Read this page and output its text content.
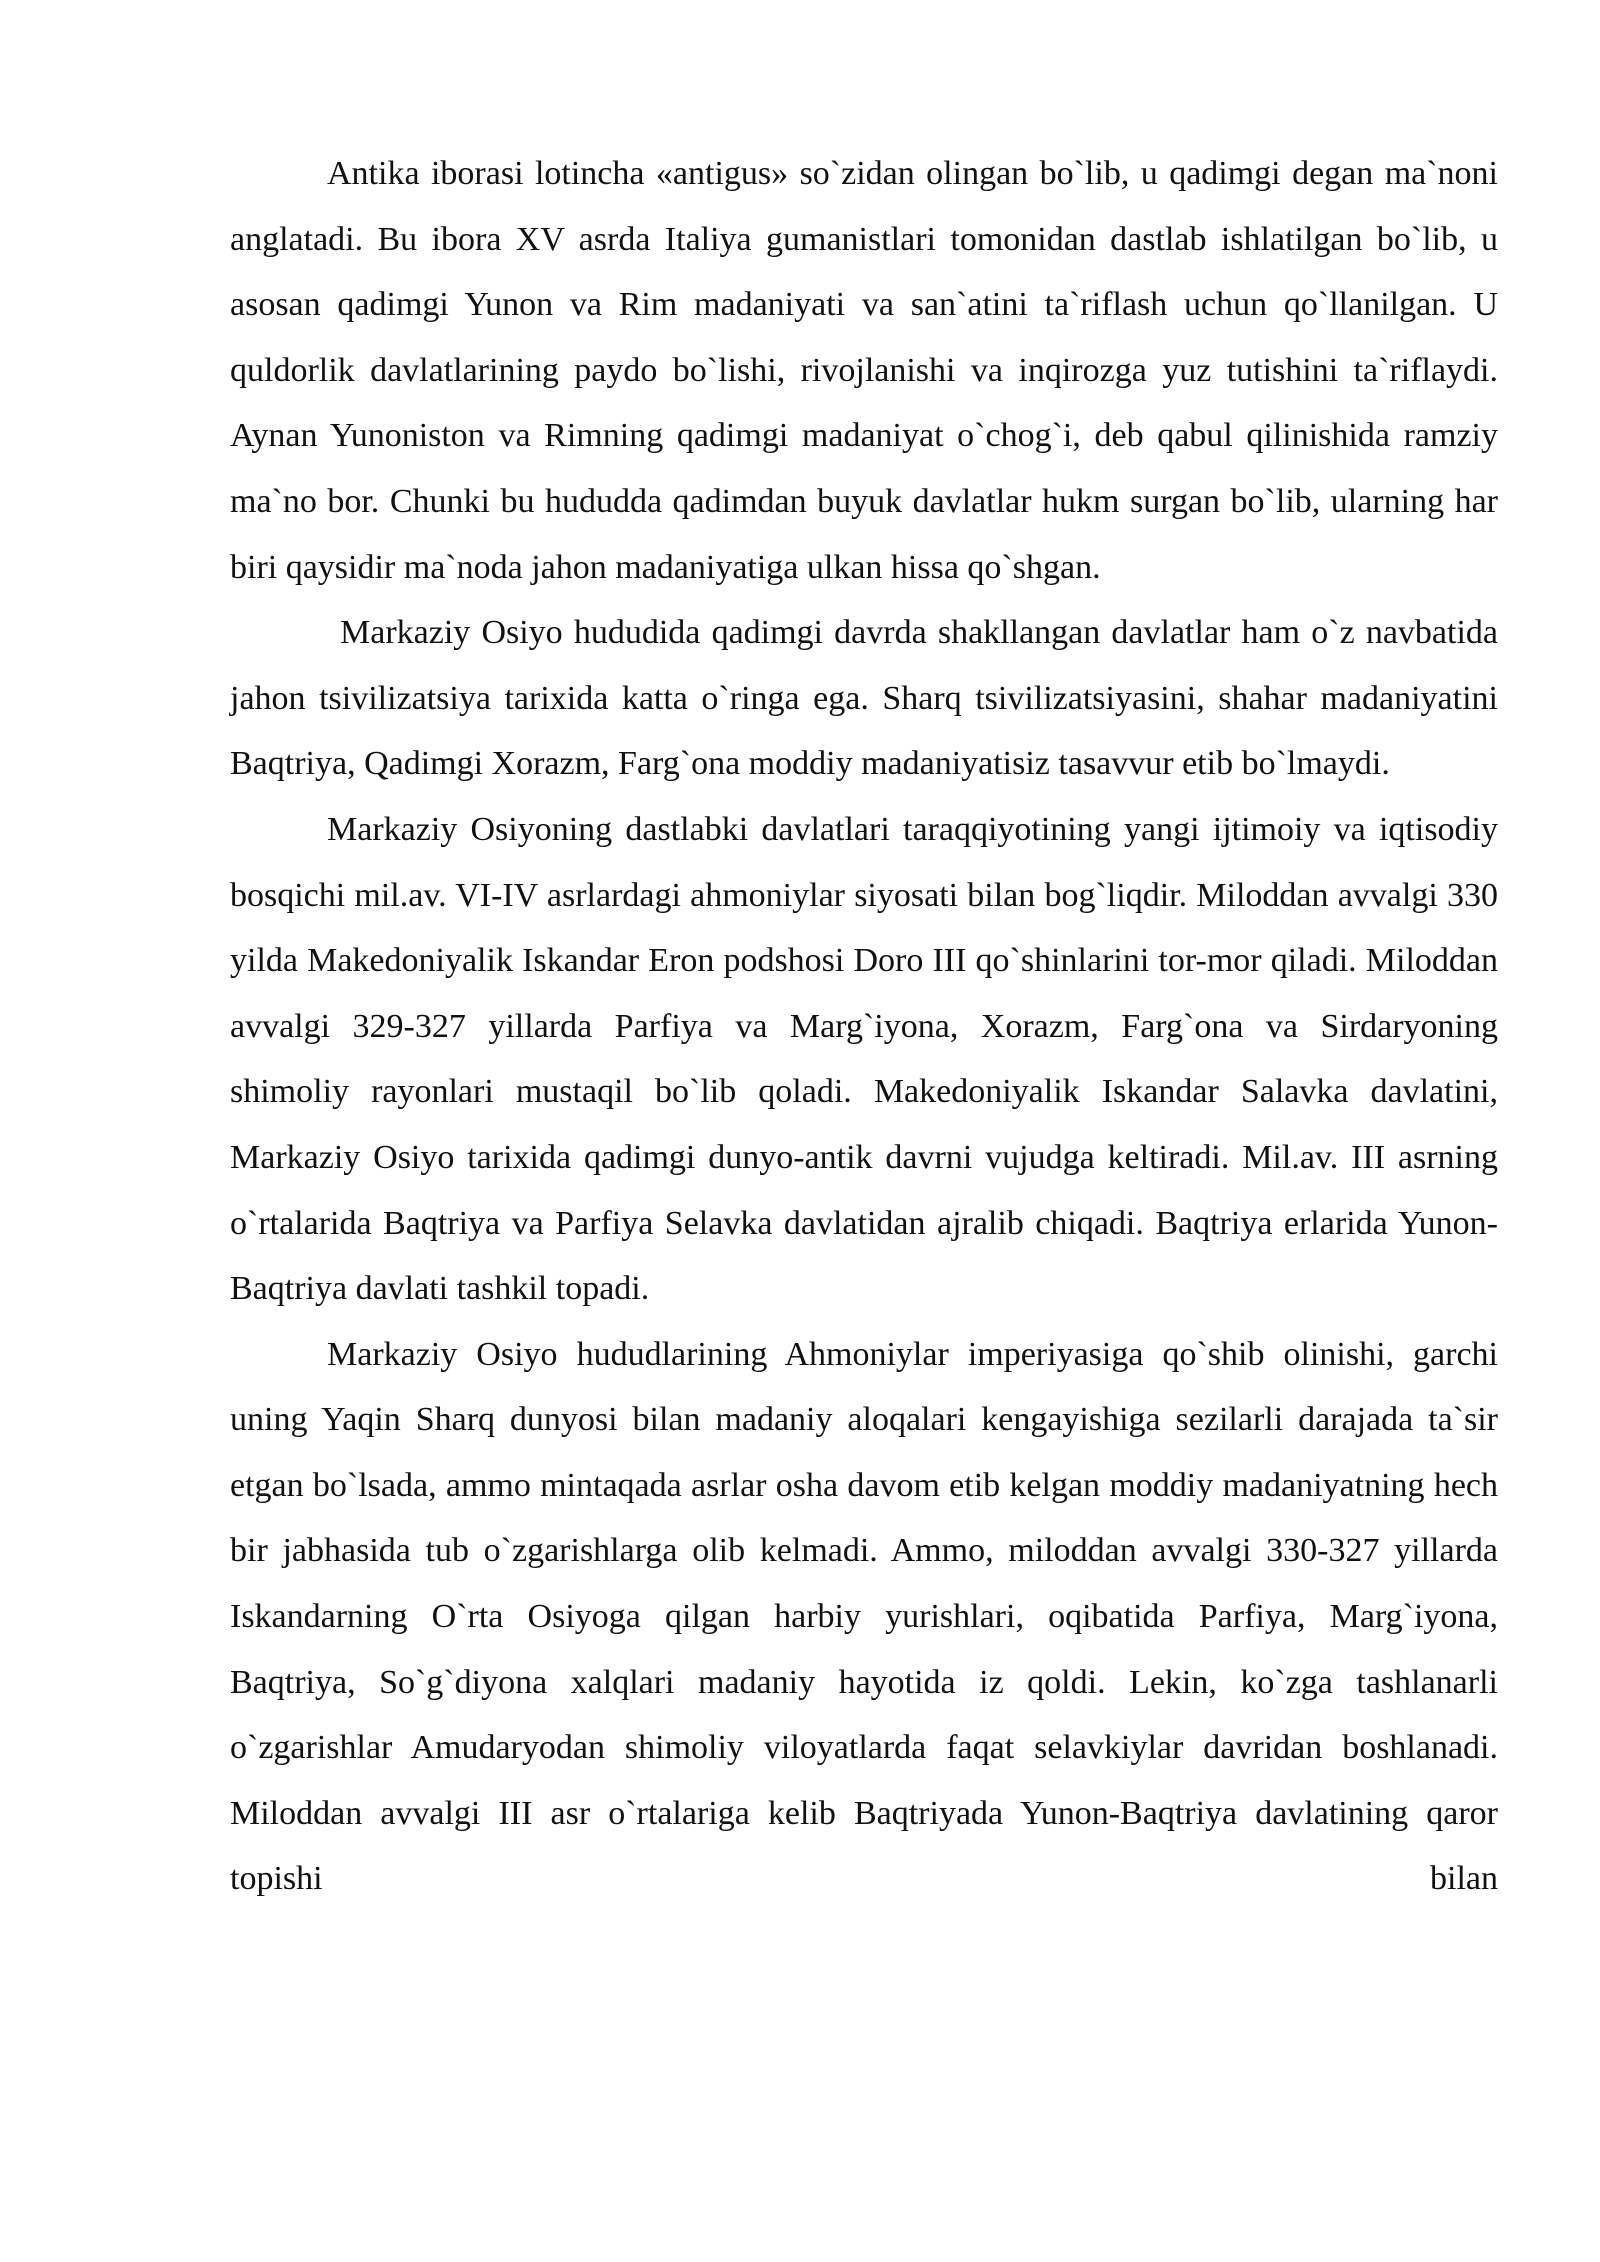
Antika iborasi lotincha «antigus» so`zidan olingan bo`lib, u qadimgi degan ma`noni anglatadi. Bu ibora XV asrda Italiya gumanistlari tomonidan dastlab ishlatilgan bo`lib, u asosan qadimgi Yunon va Rim madaniyati va san`atini ta`riflash uchun qo`llanilgan. U quldorlik davlatlarining paydo bo`lishi, rivojlanishi va inqirozga yuz tutishini ta`riflaydi. Aynan Yunoniston va Rimning qadimgi madaniyat o`chog`i, deb qabul qilinishida ramziy ma`no bor. Chunki bu hududda qadimdan buyuk davlatlar hukm surgan bo`lib, ularning har biri qaysidir ma`noda jahon madaniyatiga ulkan hissa qo`shgan.

Markaziy Osiyo hududida qadimgi davrda shakllangan davlatlar ham o`z navbatida jahon tsivilizatsiya tarixida katta o`ringa ega. Sharq tsivilizatsiyasini, shahar madaniyatini Baqtriya, Qadimgi Xorazm, Farg`ona moddiy madaniyatisiz tasavvur etib bo`lmaydi.

Markaziy Osiyoning dastlabki davlatlari taraqqiyotining yangi ijtimoiy va iqtisodiy bosqichi mil.av. VI-IV asrlardagi ahmoniylar siyosati bilan bog`liqdir. Miloddan avvalgi 330 yilda Makedoniyalik Iskandar Eron podshosi Doro III qo`shinlarini tor-mor qiladi. Miloddan avvalgi 329-327 yillarda Parfiya va Marg`iyona, Xorazm, Farg`ona va Sirdaryoning shimoliy rayonlari mustaqil bo`lib qoladi. Makedoniyalik Iskandar Salavka davlatini, Markaziy Osiyo tarixida qadimgi dunyo-antik davrni vujudga keltiradi. Mil.av. III asrning o`rtalarida Baqtriya va Parfiya Selavka davlatidan ajralib chiqadi. Baqtriya erlarida Yunon-Baqtriya davlati tashkil topadi.

Markaziy Osiyo hududlarining Ahmoniylar imperiyasiga qo`shib olinishi, garchi uning Yaqin Sharq dunyosi bilan madaniy aloqalari kengayishiga sezilarli darajada ta`sir etgan bo`lsada, ammo mintaqada asrlar osha davom etib kelgan moddiy madaniyatning hech bir jabhasida tub o`zgarishlarga olib kelmadi. Ammo, miloddan avvalgi 330-327 yillarda Iskandarning O`rta Osiyoga qilgan harbiy yurishlari, oqibatida Parfiya, Marg`iyona, Baqtriya, So`g`diyona xalqlari madaniy hayotida iz qoldi. Lekin, ko`zga tashlanarli o`zgarishlar Amudaryodan shimoliy viloyatlarda faqat selavkiylar davridan boshlanadi. Miloddan avvalgi III asr o`rtalariga kelib Baqtriyada Yunon-Baqtriya davlatining qaror topishi bilan
